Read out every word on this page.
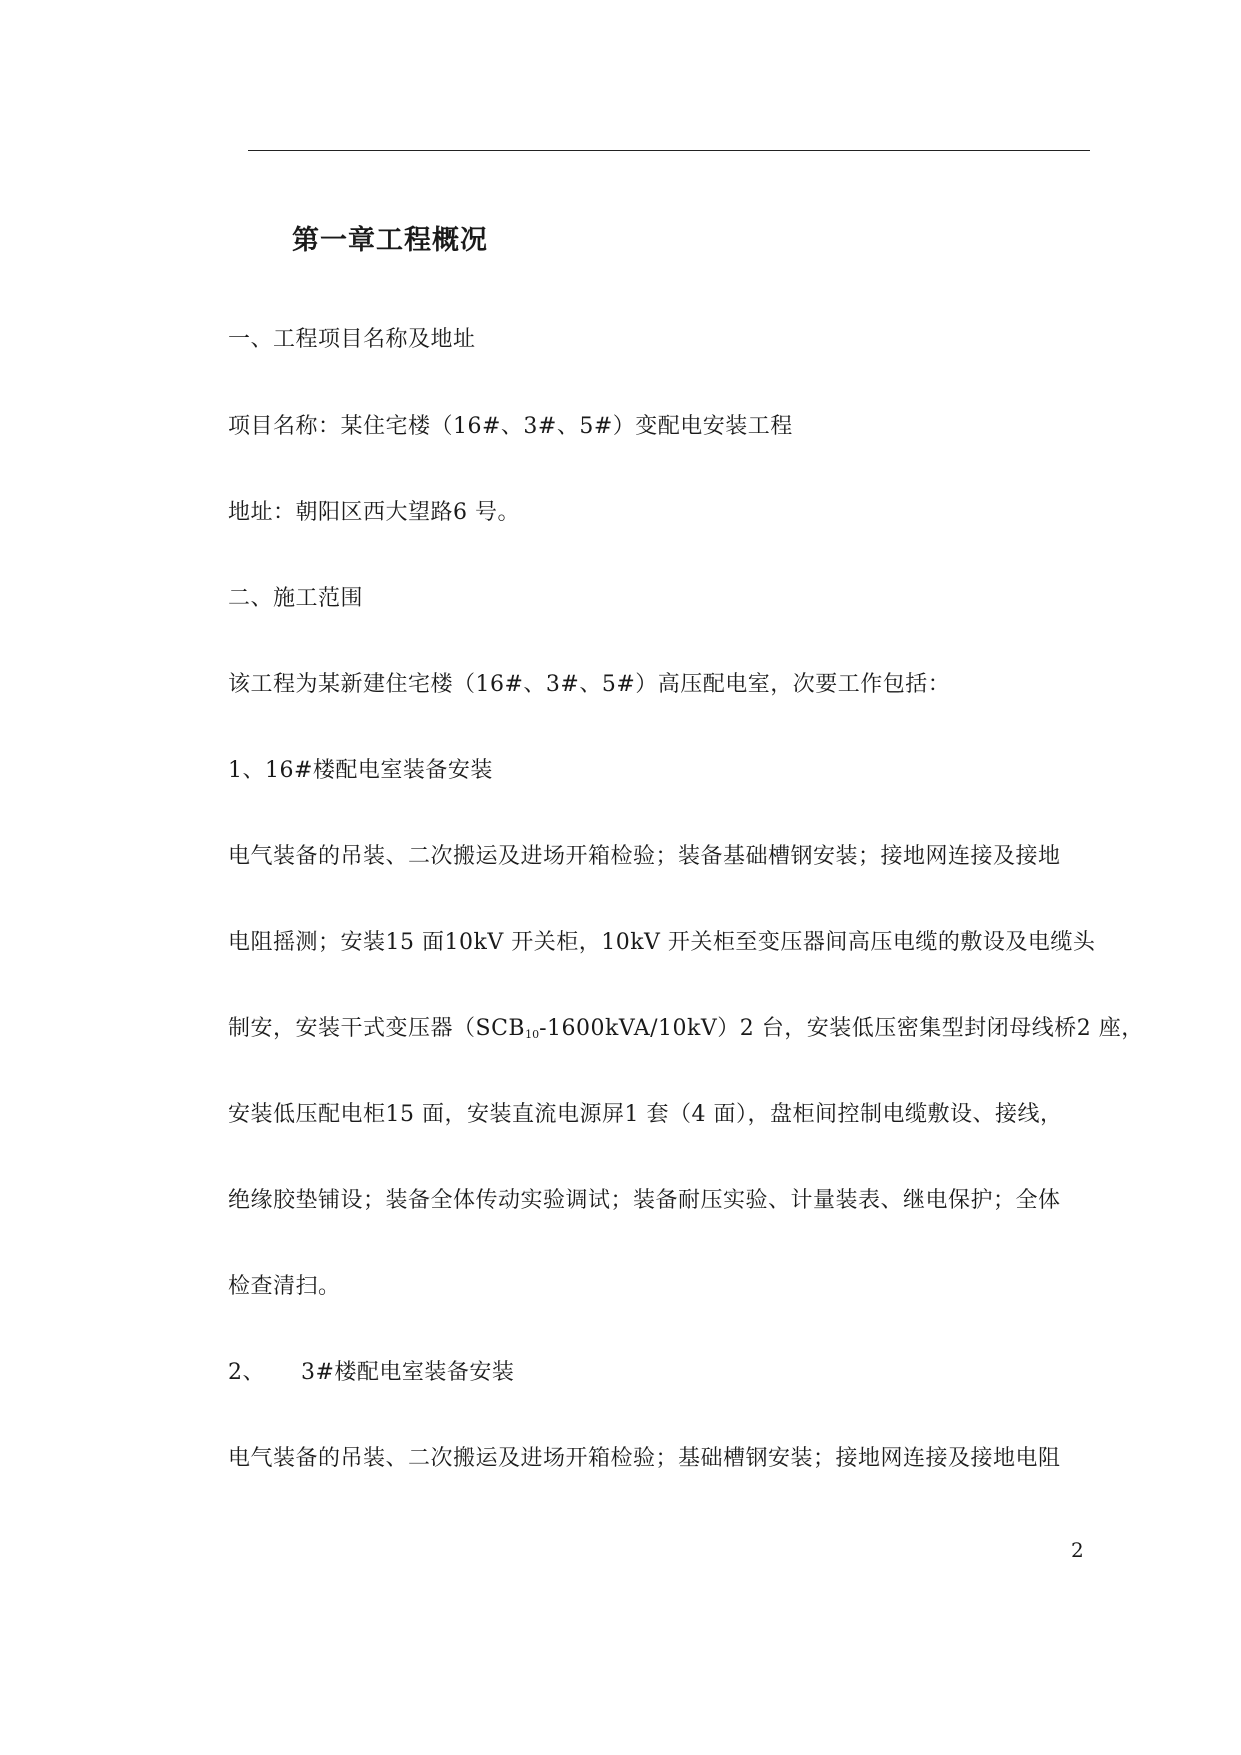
第一章工程概况
一、工程项目名称及地址
项目名称：某住宅楼（16#、3#、5#）变配电安装工程
地址：朝阳区西大望路6 号。
二、施工范围
该工程为某新建住宅楼（16#、3#、5#）高压配电室，次要工作包括：
1、16#楼配电室装备安装
电气装备的吊装、二次搬运及进场开箱检验；装备基础槽钢安装；接地网连接及接地
电阻摇测；安装15 面10kV 开关柜，10kV 开关柜至变压器间高压电缆的敷设及电缆头
制安，安装干式变压器$(SCB_{10}-1600kVA/10kV)2$ 台，安装低压密集型封闭母线桥2 座，
安装低压配电柜15 面，安装直流电源屏1 套（4 面），盘柜间控制电缆敷设、接线，
绝缘胶垫铺设；装备全体传动实验调试；装备耐压实验、计量装表、继电保护；全体
检查清扫。
2、 3#楼配电室装备安装
电气装备的吊装、二次搬运及进场开箱检验；基础槽钢安装；接地网连接及接地电阻
2
